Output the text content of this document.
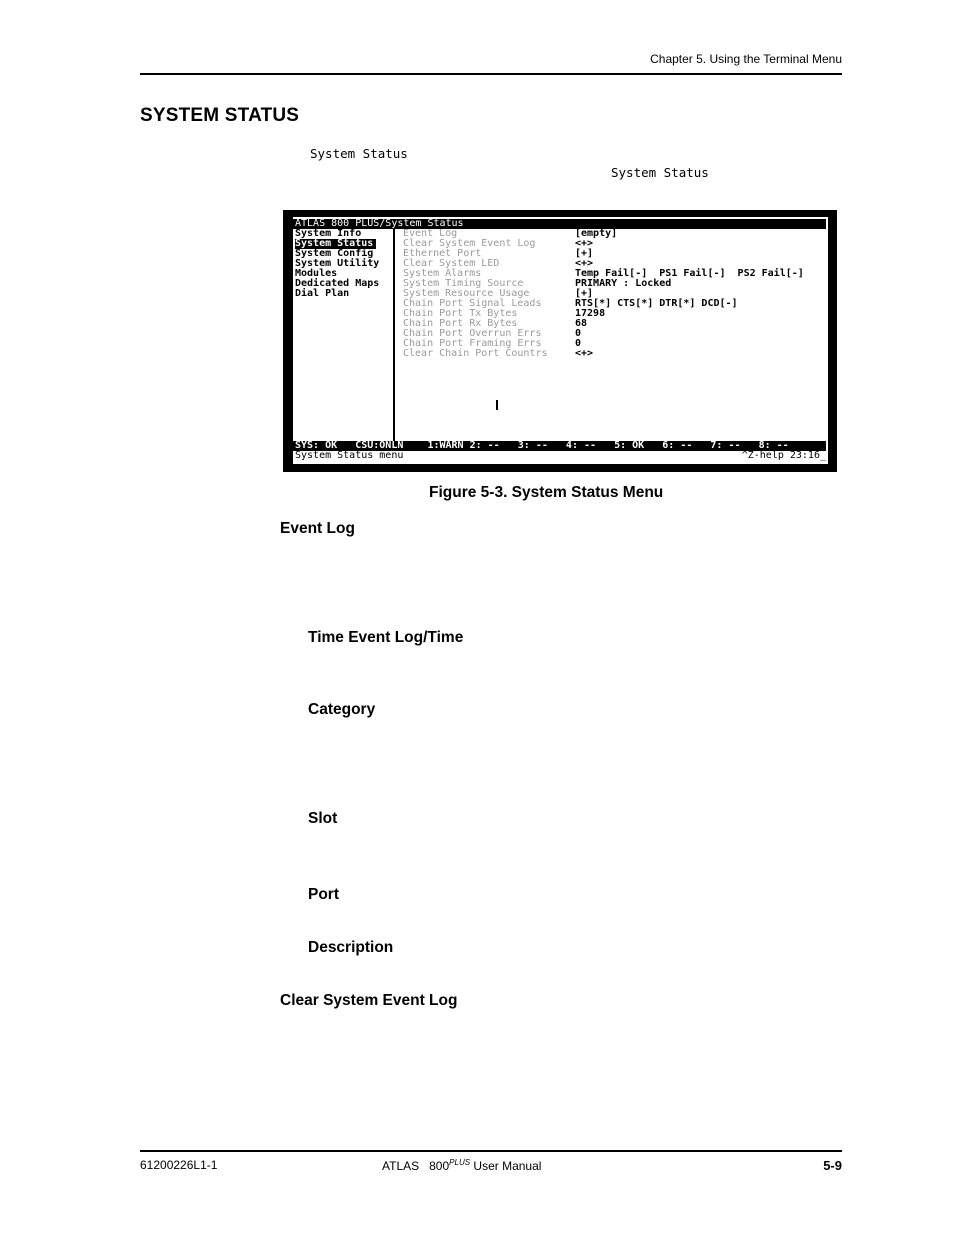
Chapter 5. Using the Terminal Menu
SYSTEM STATUS
System Status
System Status
ATLAS 800 PLUS/System Status
System Info
System Status
System Config
System Utility
Modules
Dedicated Maps
Dial Plan
Event Log	[empty]
Clear System Event Log	<+>
Ethernet Port	[+]
Clear System LED	<+>
System Alarms	Temp Fail[-]  PS1 Fail[-]  PS2 Fail[-]
System Timing Source	PRIMARY : Locked
System Resource Usage	[+]
Chain Port Signal Leads	RTS[*] CTS[*] DTR[*] DCD[-]
Chain Port Tx Bytes	17298
Chain Port Rx Bytes	68
Chain Port Overrun Errs	0
Chain Port Framing Errs	0
Clear Chain Port Countrs	<+>
SYS: OK   CSU:ONLN    1:WARN 2: --   3: --   4: --   5: OK   6: --   7: --   8: --
System Status menu	^Z-help 23:16_
Figure 5-3. System Status Menu
Event Log
Time Event Log/Time
Category
Slot
Port
Description
Clear System Event Log
61200226L1-1	ATLAS   $800^{PLUS}$ User Manual	5-9
